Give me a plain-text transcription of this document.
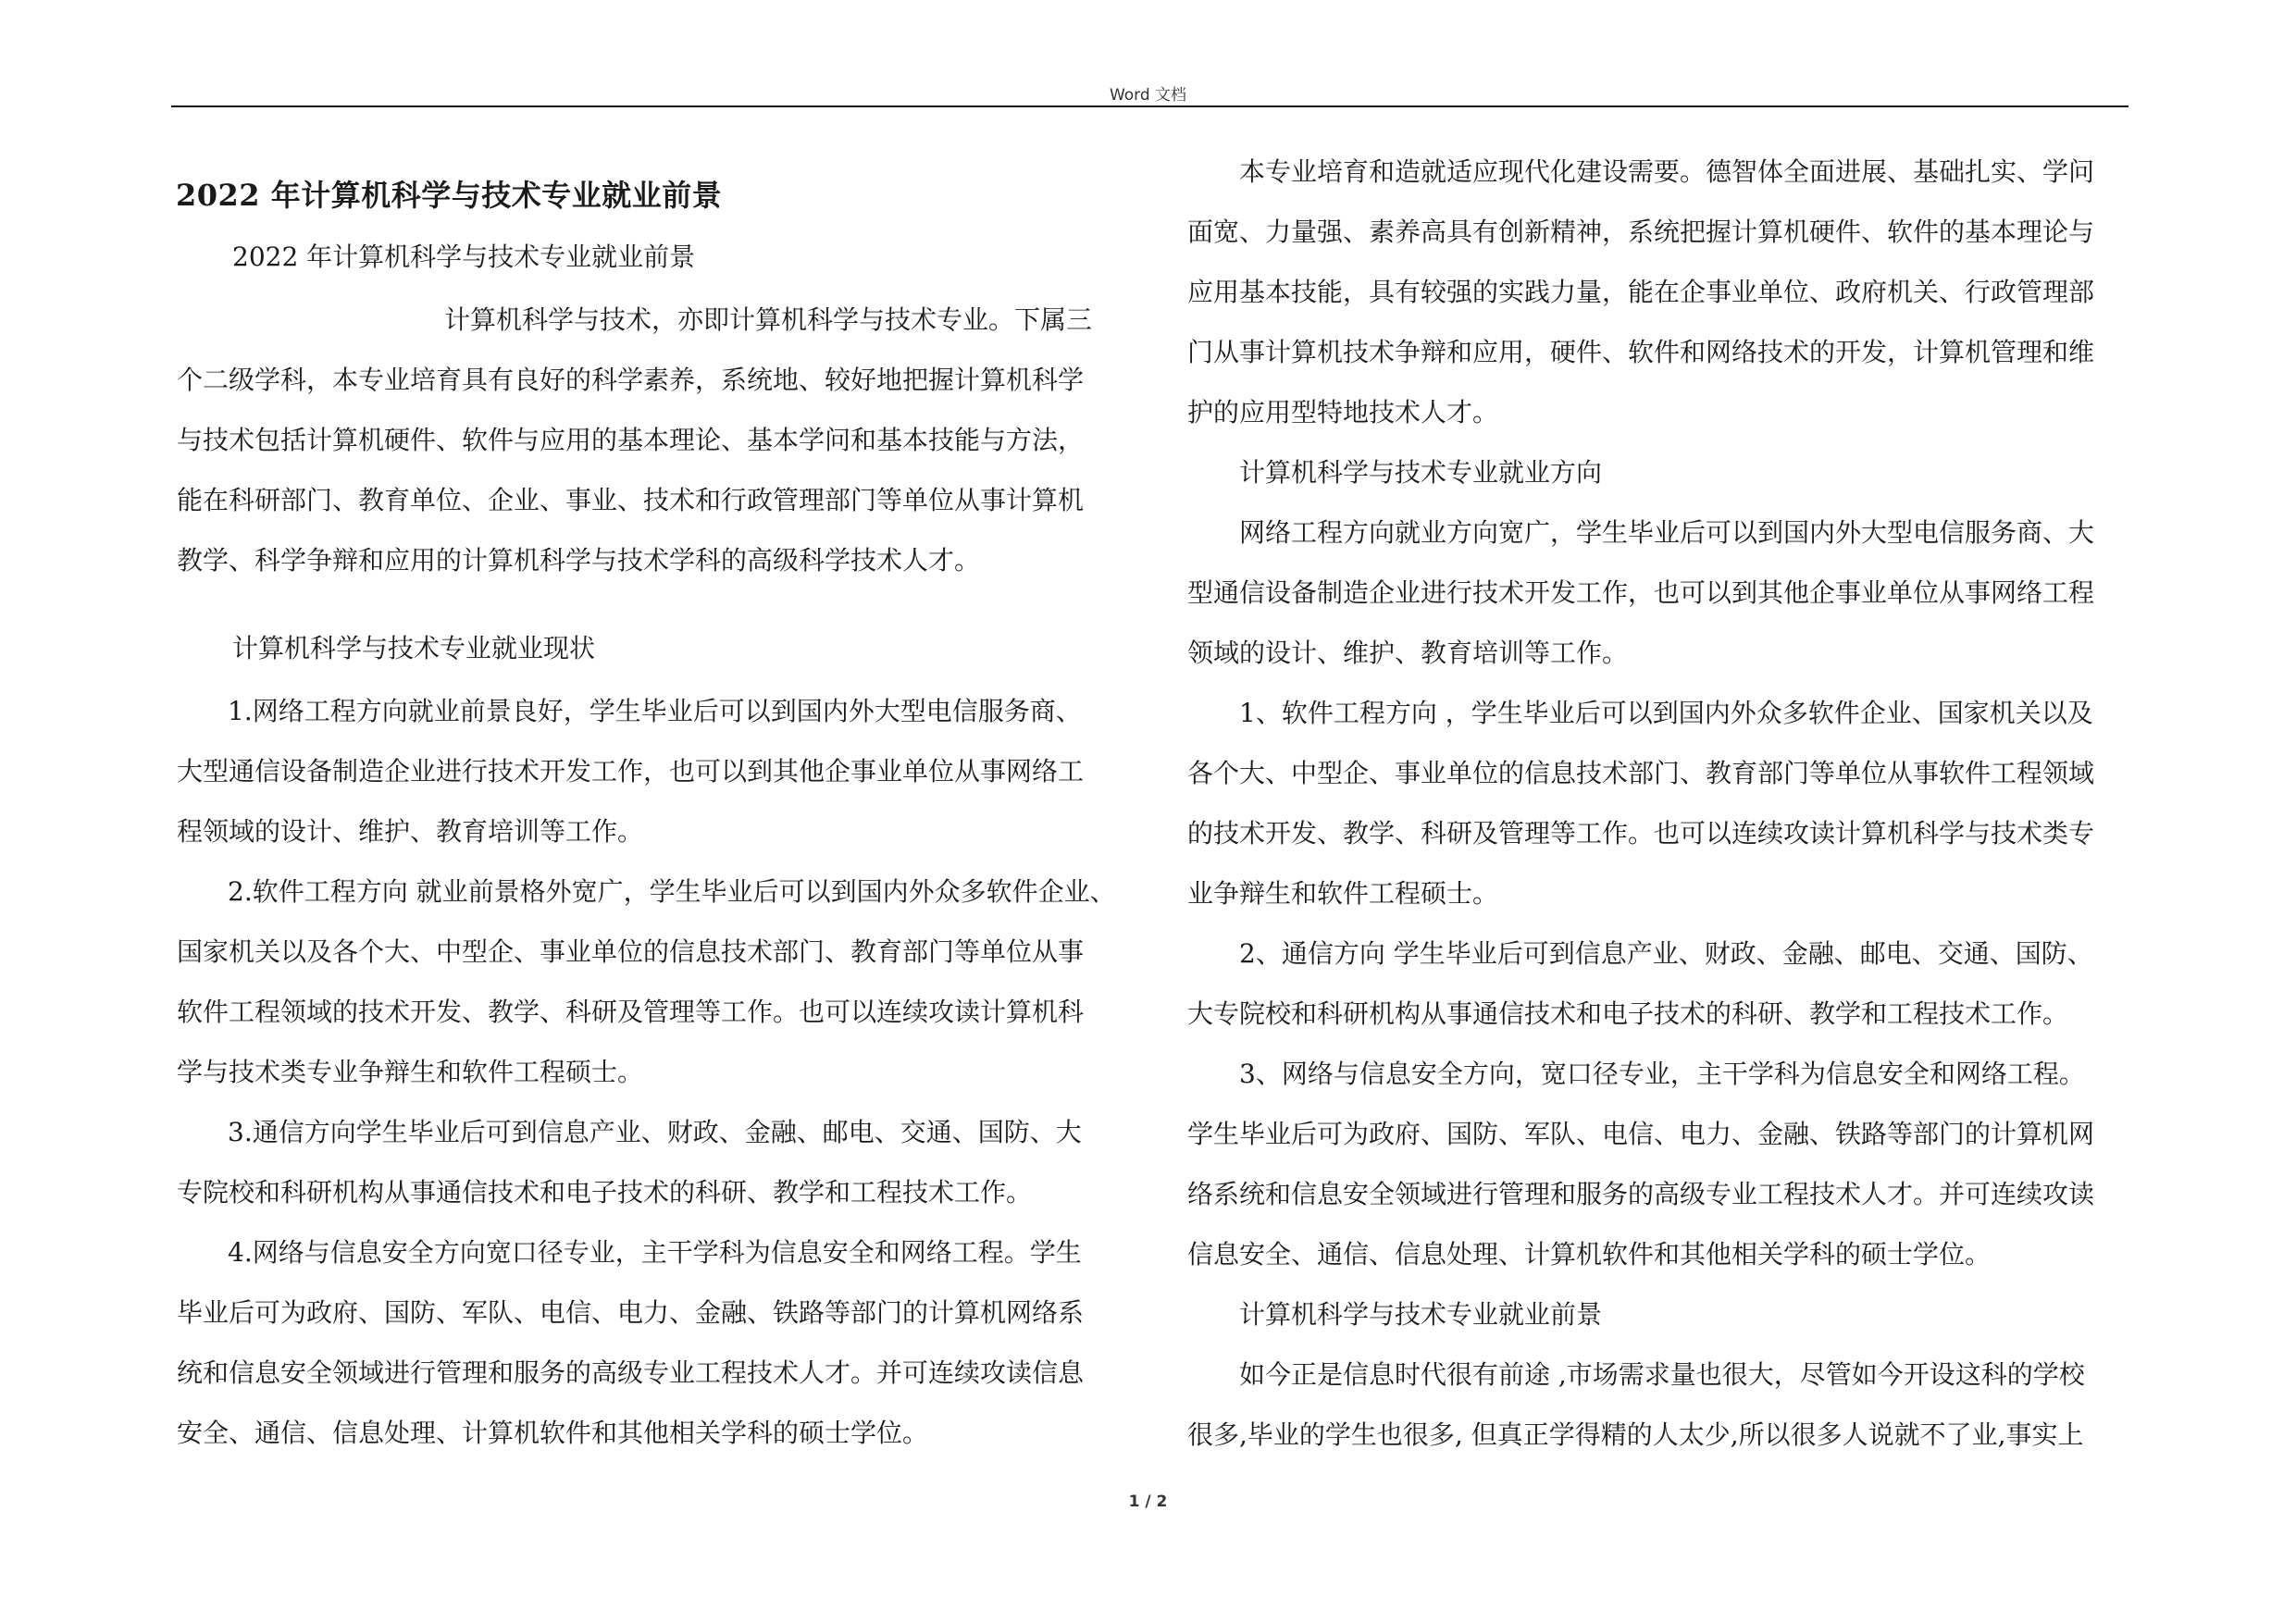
Word 文档
2022 年计算机科学与技术专业就业前景
2022 年计算机科学与技术专业就业前景
计算机科学与技术，亦即计算机科学与技术专业。下属三
个二级学科，本专业培育具有良好的科学素养，系统地、较好地把握计算机科学
与技术包括计算机硬件、软件与应用的基本理论、基本学问和基本技能与方法，
能在科研部门、教育单位、企业、事业、技术和行政管理部门等单位从事计算机
教学、科学争辩和应用的计算机科学与技术学科的高级科学技术人才。
计算机科学与技术专业就业现状
1.网络工程方向就业前景良好，学生毕业后可以到国内外大型电信服务商、
大型通信设备制造企业进行技术开发工作，也可以到其他企事业单位从事网络工
程领域的设计、维护、教育培训等工作。
2.软件工程方向 就业前景格外宽广，学生毕业后可以到国内外众多软件企业、
国家机关以及各个大、中型企、事业单位的信息技术部门、教育部门等单位从事
软件工程领域的技术开发、教学、科研及管理等工作。也可以连续攻读计算机科
学与技术类专业争辩生和软件工程硕士。
3.通信方向学生毕业后可到信息产业、财政、金融、邮电、交通、国防、大
专院校和科研机构从事通信技术和电子技术的科研、教学和工程技术工作。
4.网络与信息安全方向宽口径专业，主干学科为信息安全和网络工程。学生
毕业后可为政府、国防、军队、电信、电力、金融、铁路等部门的计算机网络系
统和信息安全领域进行管理和服务的高级专业工程技术人才。并可连续攻读信息
安全、通信、信息处理、计算机软件和其他相关学科的硕士学位。
本专业培育和造就适应现代化建设需要。德智体全面进展、基础扎实、学问
面宽、力量强、素养高具有创新精神，系统把握计算机硬件、软件的基本理论与
应用基本技能，具有较强的实践力量，能在企事业单位、政府机关、行政管理部
门从事计算机技术争辩和应用，硬件、软件和网络技术的开发，计算机管理和维
护的应用型特地技术人才。
计算机科学与技术专业就业方向
网络工程方向就业方向宽广，学生毕业后可以到国内外大型电信服务商、大
型通信设备制造企业进行技术开发工作，也可以到其他企事业单位从事网络工程
领域的设计、维护、教育培训等工作。
1、软件工程方向 ，学生毕业后可以到国内外众多软件企业、国家机关以及
各个大、中型企、事业单位的信息技术部门、教育部门等单位从事软件工程领域
的技术开发、教学、科研及管理等工作。也可以连续攻读计算机科学与技术类专
业争辩生和软件工程硕士。
2、通信方向 学生毕业后可到信息产业、财政、金融、邮电、交通、国防、
大专院校和科研机构从事通信技术和电子技术的科研、教学和工程技术工作。
3、网络与信息安全方向，宽口径专业，主干学科为信息安全和网络工程。
学生毕业后可为政府、国防、军队、电信、电力、金融、铁路等部门的计算机网
络系统和信息安全领域进行管理和服务的高级专业工程技术人才。并可连续攻读
信息安全、通信、信息处理、计算机软件和其他相关学科的硕士学位。
计算机科学与技术专业就业前景
如今正是信息时代很有前途 ,市场需求量也很大，尽管如今开设这科的学校
很多,毕业的学生也很多, 但真正学得精的人太少,所以很多人说就不了业,事实上
1 / 2
